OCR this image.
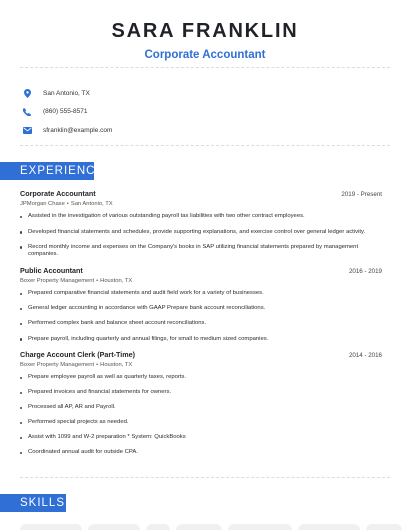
SARA FRANKLIN
Corporate Accountant
San Antonio, TX
(860) 555-8571
sfranklin@example.com
EXPERIENCE
Corporate Accountant	2019 - Present
JPMorgan Chase • San Antonio, TX
Assisted in the investigation of various outstanding payroll tax liabilities with two other contract employees.
Developed financial statements and schedules, provide supporting explanations, and exercise control over general ledger activity.
Record monthly income and expenses on the Company's books in SAP utilizing financial statements prepared by management companies.
Public Accountant	2016 - 2019
Boxer Property Management • Houston, TX
Prepared comparative financial statements and audit field work for a variety of businesses.
General ledger accounting in accordance with GAAP Prepare bank account reconciliations.
Performed complex bank and balance sheet account reconciliations.
Prepare payroll, including quarterly and annual filings, for small to medium sized companies.
Charge Account Clerk (Part-Time)	2014 - 2016
Boxer Property Management • Houston, TX
Prepare employee payroll as well as quarterly taxes, reports.
Prepared invoices and financial statements for owners.
Processed all AP, AR and Payroll.
Performed special projects as needed.
Assist with 1099 and W-2 preparation * System: QuickBooks
Coordinated annual audit for outside CPA.
SKILLS
